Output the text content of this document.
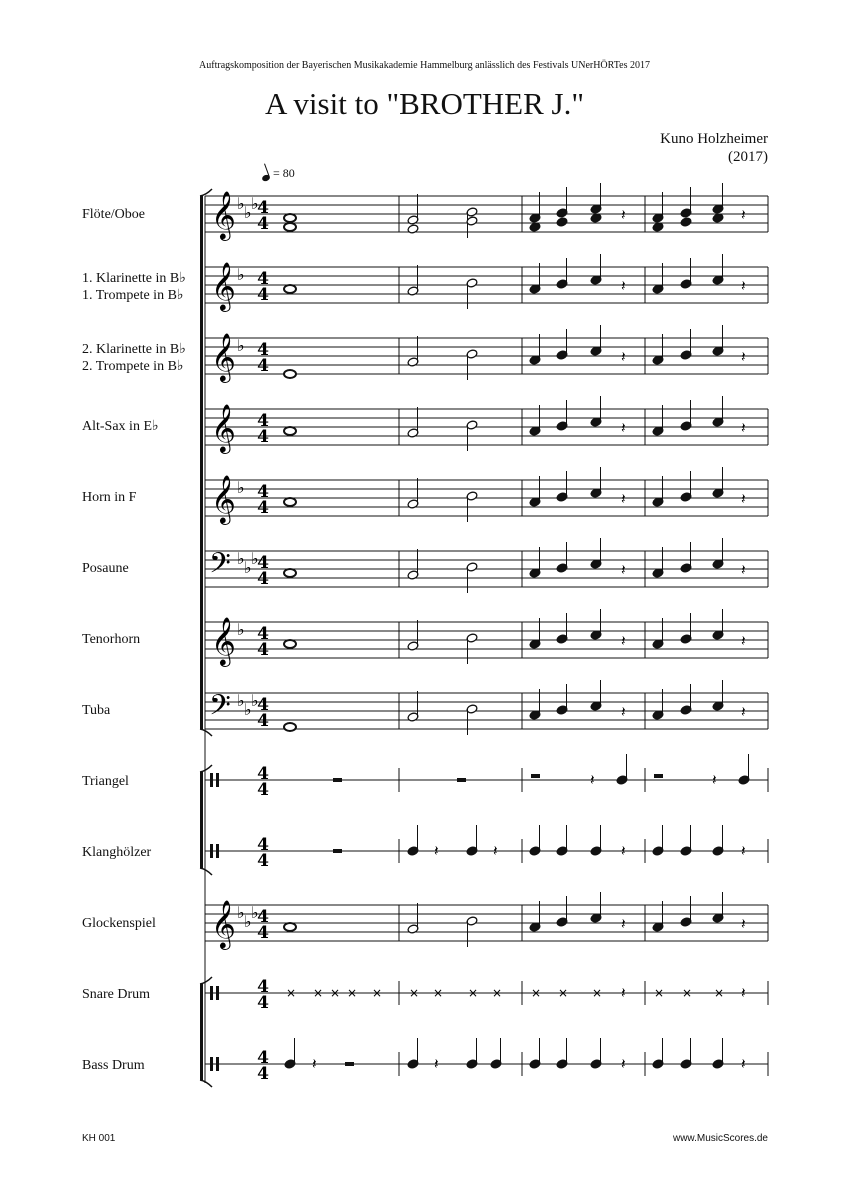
Auftragskomposition der Bayerischen Musikakademie Hammelburg anlässlich des Festivals UNerHÖRTes 2017
A visit to "BROTHER J."
Kuno Holzheimer
(2017)
= 80
Flöte/Oboe
1. Klarinette in B♭
1. Trompete in B♭
2. Klarinette in B♭
2. Trompete in B♭
Alt-Sax in E♭
Horn in F
Posaune
Tenorhorn
Tuba
Triangel
Klanghölzer
Glockenspiel
Snare Drum
Bass Drum
𝄞 ♭ ♭ ♭
4
4
𝄞 ♭ 4
4
𝄞 ♭ 4
4
𝄞 4
4
𝄞 ♭ 4
4
𝄢 ♭ ♭ ♭
4
4
𝄞 ♭ 4
4
𝄢 ♭ ♭ ♭
4
4
4
4
4
4
𝄞 ♭ ♭ ♭
4
4
4
4
4
4
𝄽	𝄽
𝄽	𝄽
𝄽	𝄽
𝄽	𝄽
𝄽	𝄽
𝄽	𝄽
𝄽	𝄽
𝄽	𝄽
𝄽	𝄽
𝄽	𝄽	𝄽	𝄽
𝄽	𝄽
× × × × × × × × × × × × 𝄽 × × × 𝄽
𝄽	𝄽	𝄽	𝄽
KH 001	www.MusicScores.de
